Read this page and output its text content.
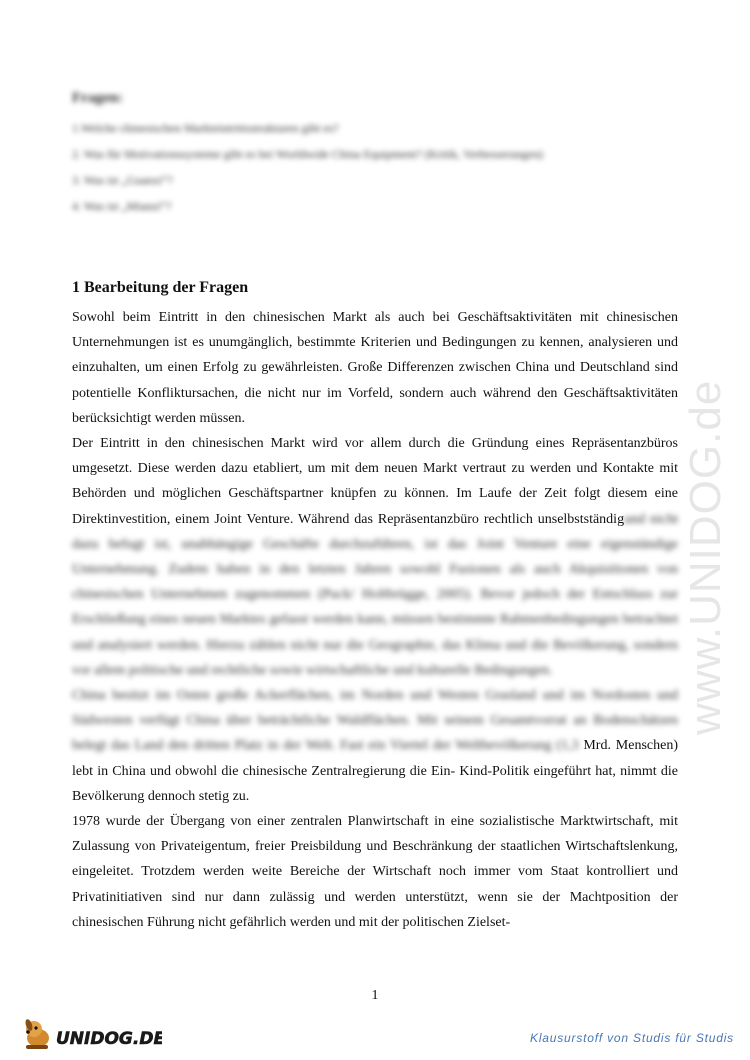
Fragen:
1.Welche chinesischen Markteintrittsstrukturen gibt es?
2. Was für Motivationssysteme gibt es bei Worldwide China Equipment? (Kritik, Verbesserungen)
3. Was ist „Guanxi“?
4. Was ist „Mianzi“?
1 Bearbeitung der Fragen

Sowohl beim Eintritt in den chinesischen Markt als auch bei Geschäftsaktivitäten mit chinesischen Unternehmungen ist es unumgänglich, bestimmte Kriterien und Bedingungen zu kennen, analysieren und einzuhalten, um einen Erfolg zu gewährleisten. Große Differenzen zwischen China und Deutschland sind potentielle Konfliktursachen, die nicht nur im Vorfeld, sondern auch während den Geschäftsaktivitäten berücksichtigt werden müssen.

Der Eintritt in den chinesischen Markt wird vor allem durch die Gründung eines Repräsentanzbüros umgesetzt. Diese werden dazu etabliert, um mit dem neuen Markt vertraut zu werden und Kontakte mit Behörden und möglichen Geschäftspartner knüpfen zu können. Im Laufe der Zeit folgt diesem eine Direktinvestition, einem Joint Venture. Während das Repräsentanzbüro rechtlich unselbstständigund nicht dazu befugt ist, unabhängige Geschäfte durchzuführen, ist das Joint Venture eine eigenständige Unternehmung. Zudem haben in den letzten Jahren sowohl Fusionen als auch Akquisitionen von chinesischen Unternehmen zugenommen (Puck/ Holtbrügge, 2005). Bevor jedoch der Entschluss zur Erschließung eines neuen Marktes gefasst werden kann, müssen bestimmte Rahmenbedingungen betrachtet und analysiert werden. Hierzu zählen nicht nur die Geographie, das Klima und die Bevölkerung, sondern vor allem politische und rechtliche sowie wirtschaftliche und kulturelle Bedingungen.

China besitzt im Osten große Ackerflächen, im Norden und Westen Grasland und im Nordosten und Südwesten verfügt China über beträchtliche Waldflächen. Mit seinem Gesamtvorrat an Bodenschätzen belegt das Land den dritten Platz in der Welt. Fast ein Viertel der Weltbevölkerung (1,3 Mrd. Menschen) lebt in China und obwohl die chinesische Zentralregierung die Ein- Kind-Politik eingeführt hat, nimmt die Bevölkerung dennoch stetig zu.

1978 wurde der Übergang von einer zentralen Planwirtschaft in eine sozialistische Marktwirtschaft, mit Zulassung von Privateigentum, freier Preisbildung und Beschränkung der staatlichen Wirtschaftslenkung, eingeleitet. Trotzdem werden weite Bereiche der Wirtschaft noch immer vom Staat kontrolliert und Privatinitiativen sind nur dann zulässig und werden unterstützt, wenn sie der Machtposition der chinesischen Führung nicht gefährlich werden und mit der politischen Zielset-

1
www.UNIDOG.de
UNIDOG.DE	Klausurstoff von Studis für Studis
